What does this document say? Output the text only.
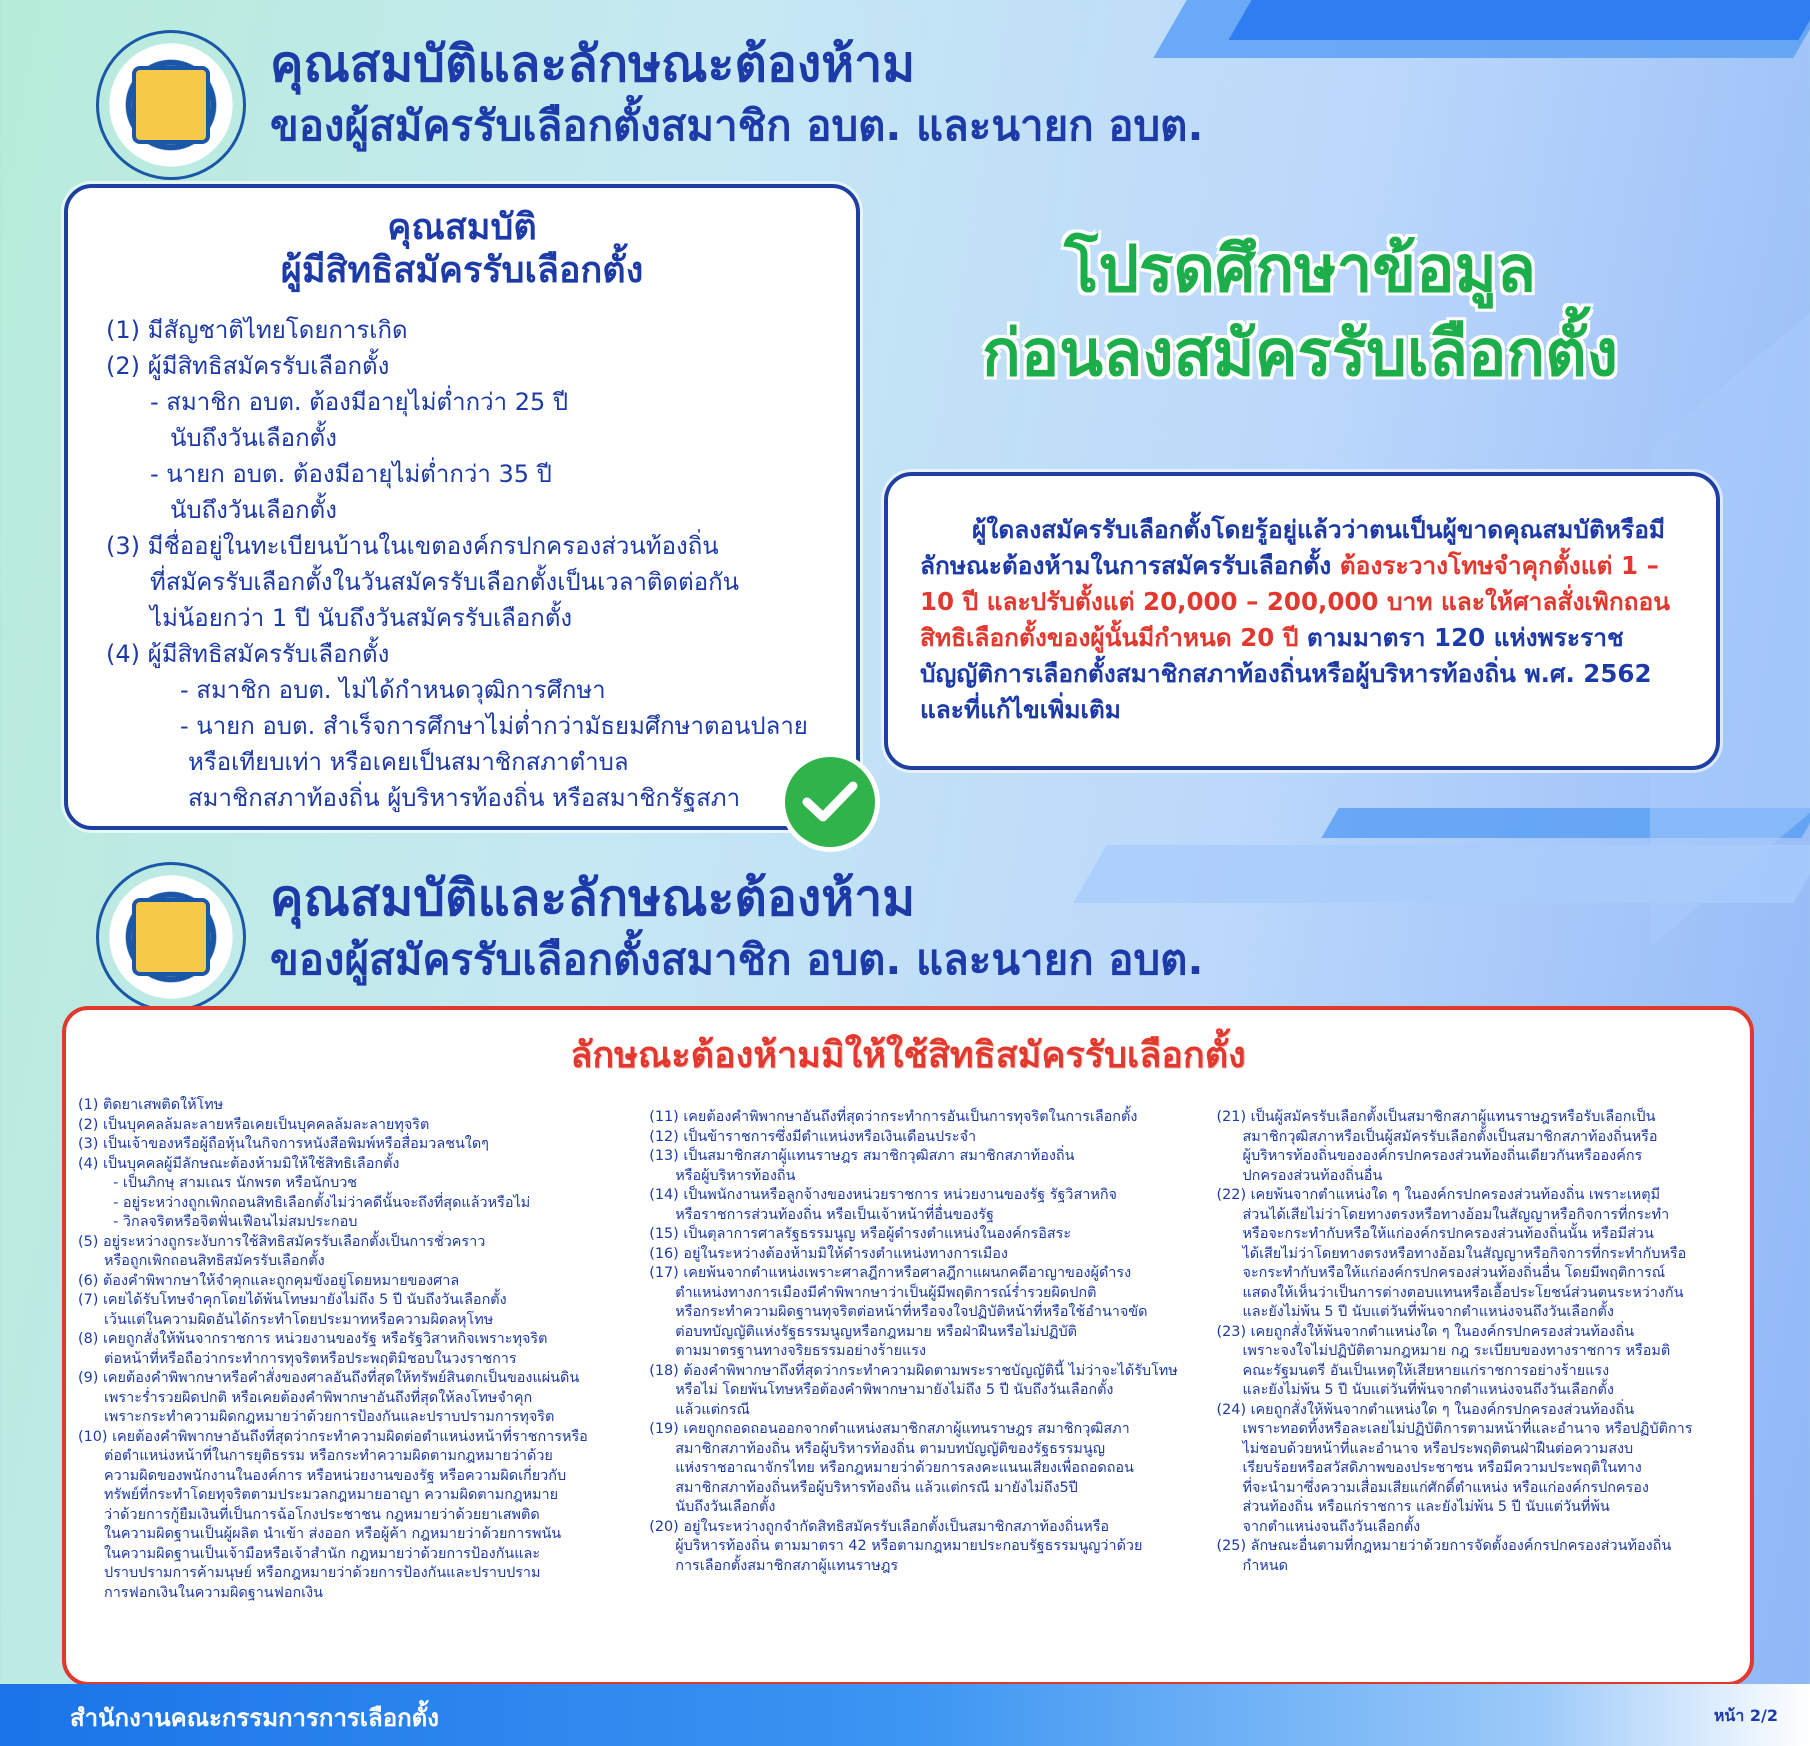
คุณสมบัติและลักษณะต้องห้าม
ของผู้สมัครรับเลือกตั้งสมาชิก อบต. และนายก อบต.
คุณสมบัติ
ผู้มีสิทธิสมัครรับเลือกตั้ง
(1) มีสัญชาติไทยโดยการเกิด
(2) ผู้มีสิทธิสมัครรับเลือกตั้ง
- สมาชิก อบต. ต้องมีอายุไม่ต่ำกว่า 25 ปี
นับถึงวันเลือกตั้ง
- นายก อบต. ต้องมีอายุไม่ต่ำกว่า 35 ปี
นับถึงวันเลือกตั้ง
(3) มีชื่ออยู่ในทะเบียนบ้านในเขตองค์กรปกครองส่วนท้องถิ่น
ที่สมัครรับเลือกตั้งในวันสมัครรับเลือกตั้งเป็นเวลาติดต่อกัน
ไม่น้อยกว่า 1 ปี นับถึงวันสมัครรับเลือกตั้ง
(4) ผู้มีสิทธิสมัครรับเลือกตั้ง
- สมาชิก อบต. ไม่ได้กำหนดวุฒิการศึกษา
- นายก อบต. สำเร็จการศึกษาไม่ต่ำกว่ามัธยมศึกษาตอนปลาย
หรือเทียบเท่า หรือเคยเป็นสมาชิกสภาตำบล
สมาชิกสภาท้องถิ่น ผู้บริหารท้องถิ่น หรือสมาชิกรัฐสภา
โปรดศึกษาข้อมูล
ก่อนลงสมัครรับเลือกตั้ง
ผู้ใดลงสมัครรับเลือกตั้งโดยรู้อยู่แล้วว่าตนเป็นผู้ขาดคุณสมบัติหรือมีลักษณะต้องห้ามในการสมัครรับเลือกตั้ง ต้องระวางโทษจำคุกตั้งแต่ 1 – 10 ปี และปรับตั้งแต่ 20,000 – 200,000 บาท และให้ศาลสั่งเพิกถอนสิทธิเลือกตั้งของผู้นั้นมีกำหนด 20 ปี ตามมาตรา 120 แห่งพระราชบัญญัติการเลือกตั้งสมาชิกสภาท้องถิ่นหรือผู้บริหารท้องถิ่น พ.ศ. 2562 และที่แก้ไขเพิ่มเติม
คุณสมบัติและลักษณะต้องห้าม
ของผู้สมัครรับเลือกตั้งสมาชิก อบต. และนายก อบต.
ลักษณะต้องห้ามมิให้ใช้สิทธิสมัครรับเลือกตั้ง
(1) ติดยาเสพติดให้โทษ
(2) เป็นบุคคลล้มละลายหรือเคยเป็นบุคคลล้มละลายทุจริต
(3) เป็นเจ้าของหรือผู้ถือหุ้นในกิจการหนังสือพิมพ์หรือสื่อมวลชนใดๆ
(4) เป็นบุคคลผู้มีลักษณะต้องห้ามมิให้ใช้สิทธิเลือกตั้ง
- เป็นภิกษุ สามเณร นักพรต หรือนักบวช
- อยู่ระหว่างถูกเพิกถอนสิทธิเลือกตั้งไม่ว่าคดีนั้นจะถึงที่สุดแล้วหรือไม่
- วิกลจริตหรือจิตฟั่นเฟือนไม่สมประกอบ
(5) อยู่ระหว่างถูกระงับการใช้สิทธิสมัครรับเลือกตั้งเป็นการชั่วคราว
หรือถูกเพิกถอนสิทธิสมัครรับเลือกตั้ง
(6) ต้องคำพิพากษาให้จำคุกและถูกคุมขังอยู่โดยหมายของศาล
(7) เคยได้รับโทษจำคุกโดยได้พ้นโทษมายังไม่ถึง 5 ปี นับถึงวันเลือกตั้ง
เว้นแต่ในความผิดอันได้กระทำโดยประมาทหรือความผิดลหุโทษ
(8) เคยถูกสั่งให้พ้นจากราชการ หน่วยงานของรัฐ หรือรัฐวิสาหกิจเพราะทุจริต
ต่อหน้าที่หรือถือว่ากระทำการทุจริตหรือประพฤติมิชอบในวงราชการ
(9) เคยต้องคำพิพากษาหรือคำสั่งของศาลอันถึงที่สุดให้ทรัพย์สินตกเป็นของแผ่นดิน
เพราะร่ำรวยผิดปกติ หรือเคยต้องคำพิพากษาอันถึงที่สุดให้ลงโทษจำคุก
เพราะกระทำความผิดกฎหมายว่าด้วยการป้องกันและปราบปรามการทุจริต
(10) เคยต้องคำพิพากษาอันถึงที่สุดว่ากระทำความผิดต่อตำแหน่งหน้าที่ราชการหรือ
ต่อตำแหน่งหน้าที่ในการยุติธรรม หรือกระทำความผิดตามกฎหมายว่าด้วย
ความผิดของพนักงานในองค์การ หรือหน่วยงานของรัฐ หรือความผิดเกี่ยวกับ
ทรัพย์ที่กระทำโดยทุจริตตามประมวลกฎหมายอาญา ความผิดตามกฎหมาย
ว่าด้วยการกู้ยืมเงินที่เป็นการฉ้อโกงประชาชน กฎหมายว่าด้วยยาเสพติด
ในความผิดฐานเป็นผู้ผลิต นำเข้า ส่งออก หรือผู้ค้า กฎหมายว่าด้วยการพนัน
ในความผิดฐานเป็นเจ้ามือหรือเจ้าสำนัก กฎหมายว่าด้วยการป้องกันและ
ปราบปรามการค้ามนุษย์ หรือกฎหมายว่าด้วยการป้องกันและปราบปราม
การฟอกเงินในความผิดฐานฟอกเงิน
(11) เคยต้องคำพิพากษาอันถึงที่สุดว่ากระทำการอันเป็นการทุจริตในการเลือกตั้ง
(12) เป็นข้าราชการซึ่งมีตำแหน่งหรือเงินเดือนประจำ
(13) เป็นสมาชิกสภาผู้แทนราษฎร สมาชิกวุฒิสภา สมาชิกสภาท้องถิ่น
หรือผู้บริหารท้องถิ่น
(14) เป็นพนักงานหรือลูกจ้างของหน่วยราชการ หน่วยงานของรัฐ รัฐวิสาหกิจ
หรือราชการส่วนท้องถิ่น หรือเป็นเจ้าหน้าที่อื่นของรัฐ
(15) เป็นตุลาการศาลรัฐธรรมนูญ หรือผู้ดำรงตำแหน่งในองค์กรอิสระ
(16) อยู่ในระหว่างต้องห้ามมิให้ดำรงตำแหน่งทางการเมือง
(17) เคยพ้นจากตำแหน่งเพราะศาลฎีกาหรือศาลฎีกาแผนกคดีอาญาของผู้ดำรง
ตำแหน่งทางการเมืองมีคำพิพากษาว่าเป็นผู้มีพฤติการณ์ร่ำรวยผิดปกติ
หรือกระทำความผิดฐานทุจริตต่อหน้าที่หรือจงใจปฏิบัติหน้าที่หรือใช้อำนาจขัด
ต่อบทบัญญัติแห่งรัฐธรรมนูญหรือกฎหมาย หรือฝ่าฝืนหรือไม่ปฏิบัติ
ตามมาตรฐานทางจริยธรรมอย่างร้ายแรง
(18) ต้องคำพิพากษาถึงที่สุดว่ากระทำความผิดตามพระราชบัญญัตินี้ ไม่ว่าจะได้รับโทษ
หรือไม่ โดยพ้นโทษหรือต้องคำพิพากษามายังไม่ถึง 5 ปี นับถึงวันเลือกตั้ง
แล้วแต่กรณี
(19) เคยถูกถอดถอนออกจากตำแหน่งสมาชิกสภาผู้แทนราษฎร สมาชิกวุฒิสภา
สมาชิกสภาท้องถิ่น หรือผู้บริหารท้องถิ่น ตามบทบัญญัติของรัฐธรรมนูญ
แห่งราชอาณาจักรไทย หรือกฎหมายว่าด้วยการลงคะแนนเสียงเพื่อถอดถอน
สมาชิกสภาท้องถิ่นหรือผู้บริหารท้องถิ่น แล้วแต่กรณี มายังไม่ถึง5ปี
นับถึงวันเลือกตั้ง
(20) อยู่ในระหว่างถูกจำกัดสิทธิสมัครรับเลือกตั้งเป็นสมาชิกสภาท้องถิ่นหรือ
ผู้บริหารท้องถิ่น ตามมาตรา 42 หรือตามกฎหมายประกอบรัฐธรรมนูญว่าด้วย
การเลือกตั้งสมาชิกสภาผู้แทนราษฎร
(21) เป็นผู้สมัครรับเลือกตั้งเป็นสมาชิกสภาผู้แทนราษฎรหรือรับเลือกเป็น
สมาชิกวุฒิสภาหรือเป็นผู้สมัครรับเลือกตั้งเป็นสมาชิกสภาท้องถิ่นหรือ
ผู้บริหารท้องถิ่นขององค์กรปกครองส่วนท้องถิ่นเดียวกันหรือองค์กร
ปกครองส่วนท้องถิ่นอื่น
(22) เคยพ้นจากตำแหน่งใด ๆ ในองค์กรปกครองส่วนท้องถิ่น เพราะเหตุมี
ส่วนได้เสียไม่ว่าโดยทางตรงหรือทางอ้อมในสัญญาหรือกิจการที่กระทำ
หรือจะกระทำกับหรือให้แก่องค์กรปกครองส่วนท้องถิ่นนั้น หรือมีส่วน
ได้เสียไม่ว่าโดยทางตรงหรือทางอ้อมในสัญญาหรือกิจการที่กระทำกับหรือ
จะกระทำกับหรือให้แก่องค์กรปกครองส่วนท้องถิ่นอื่น โดยมีพฤติการณ์
แสดงให้เห็นว่าเป็นการต่างตอบแทนหรือเอื้อประโยชน์ส่วนตนระหว่างกัน
และยังไม่พ้น 5 ปี นับแต่วันที่พ้นจากตำแหน่งจนถึงวันเลือกตั้ง
(23) เคยถูกสั่งให้พ้นจากตำแหน่งใด ๆ ในองค์กรปกครองส่วนท้องถิ่น
เพราะจงใจไม่ปฏิบัติตามกฎหมาย กฎ ระเบียบของทางราชการ หรือมติ
คณะรัฐมนตรี อันเป็นเหตุให้เสียหายแก่ราชการอย่างร้ายแรง
และยังไม่พ้น 5 ปี นับแต่วันที่พ้นจากตำแหน่งจนถึงวันเลือกตั้ง
(24) เคยถูกสั่งให้พ้นจากตำแหน่งใด ๆ ในองค์กรปกครองส่วนท้องถิ่น
เพราะทอดทิ้งหรือละเลยไม่ปฏิบัติการตามหน้าที่และอำนาจ หรือปฏิบัติการ
ไม่ชอบด้วยหน้าที่และอำนาจ หรือประพฤติตนฝ่าฝืนต่อความสงบ
เรียบร้อยหรือสวัสดิภาพของประชาชน หรือมีความประพฤติในทาง
ที่จะนำมาซึ่งความเสื่อมเสียแก่ศักดิ์ตำแหน่ง หรือแก่องค์กรปกครอง
ส่วนท้องถิ่น หรือแก่ราชการ และยังไม่พ้น 5 ปี นับแต่วันที่พ้น
จากตำแหน่งจนถึงวันเลือกตั้ง
(25) ลักษณะอื่นตามที่กฎหมายว่าด้วยการจัดตั้งองค์กรปกครองส่วนท้องถิ่น
กำหนด
สำนักงานคณะกรรมการการเลือกตั้ง	หน้า 2/2
